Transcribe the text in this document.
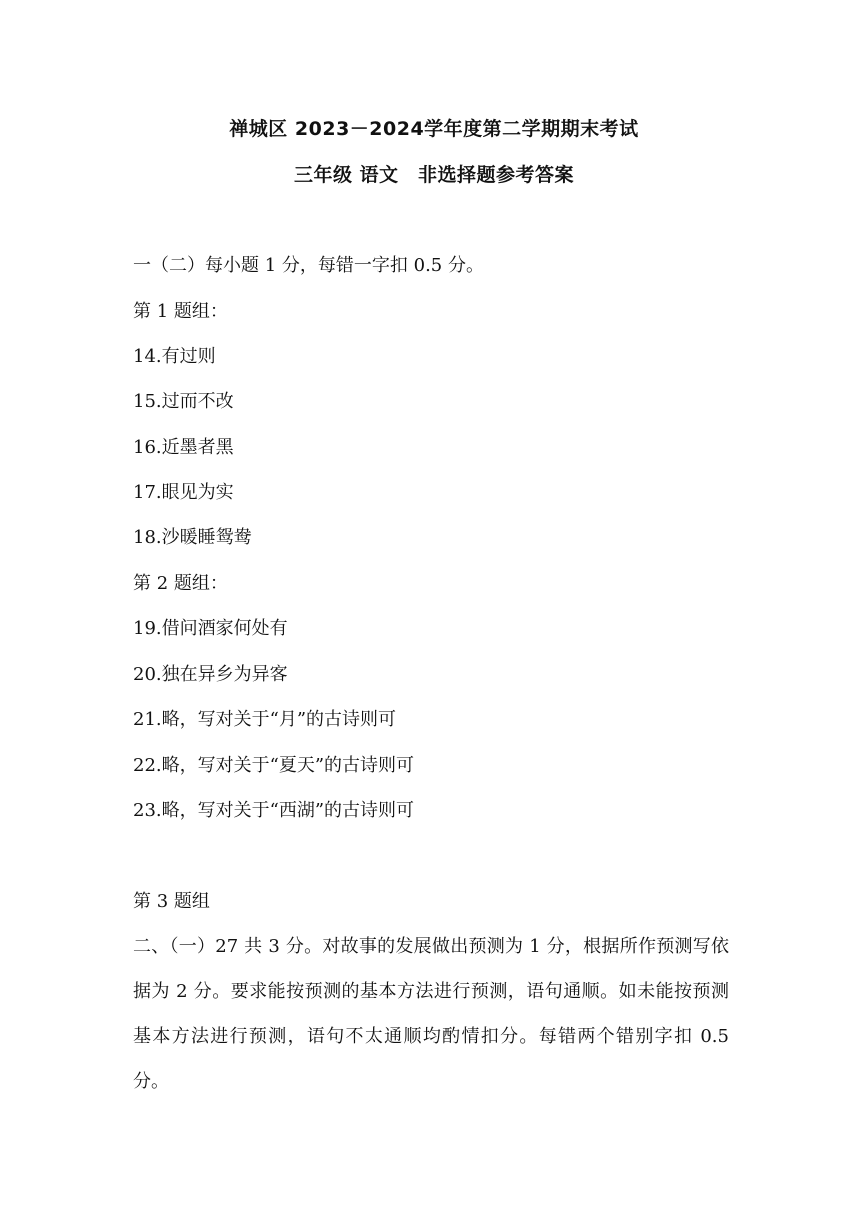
禅城区 2023－2024学年度第二学期期末考试
三年级 语文　非选择题参考答案
一（二）每小题 1 分，每错一字扣 0.5 分。
第 1 题组：
14.有过则
15.过而不改
16.近墨者黑
17.眼见为实
18.沙暖睡鸳鸯
第 2 题组：
19.借问酒家何处有
20.独在异乡为异客
21.略，写对关于“月”的古诗则可
22.略，写对关于“夏天”的古诗则可
23.略，写对关于“西湖”的古诗则可
第 3 题组
二、（一）27 共 3 分。对故事的发展做出预测为 1 分，根据所作预测写依据为 2 分。要求能按预测的基本方法进行预测，语句通顺。如未能按预测基本方法进行预测，语句不太通顺均酌情扣分。每错两个错别字扣 0.5 分。
